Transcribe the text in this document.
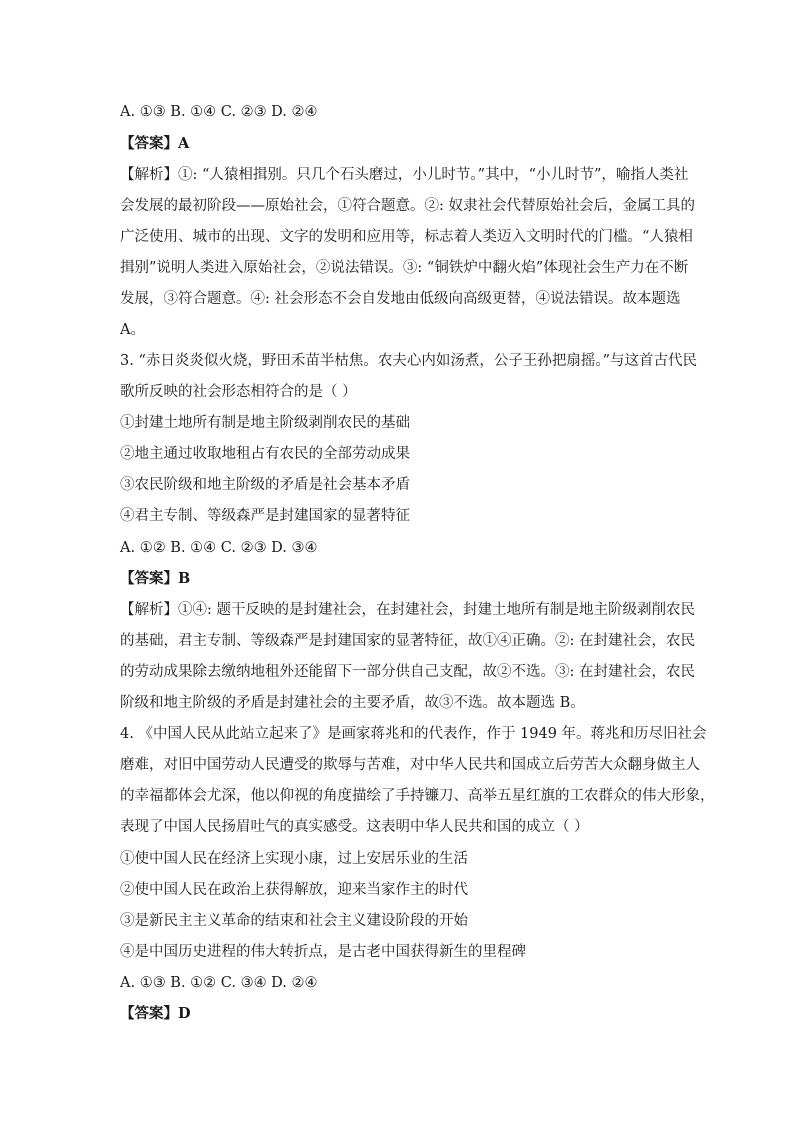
A. ①③ B. ①④ C. ②③ D. ②④
【答案】A
【解析】①: “人猿相揖别。只几个石头磨过，小儿时节。”其中，“小儿时节”，喻指人类社
会发展的最初阶段——原始社会，①符合题意。②: 奴隶社会代替原始社会后，金属工具的
广泛使用、城市的出现、文字的发明和应用等，标志着人类迈入文明时代的门槛。“人猿相
揖别”说明人类进入原始社会，②说法错误。③: “铜铁炉中翻火焰”体现社会生产力在不断
发展，③符合题意。④: 社会形态不会自发地由低级向高级更替，④说法错误。故本题选
A。
3. “赤日炎炎似火烧，野田禾苗半枯焦。农夫心内如汤煮，公子王孙把扇摇。”与这首古代民
歌所反映的社会形态相符合的是（ ）
①封建土地所有制是地主阶级剥削农民的基础
②地主通过收取地租占有农民的全部劳动成果
③农民阶级和地主阶级的矛盾是社会基本矛盾
④君主专制、等级森严是封建国家的显著特征
A. ①② B. ①④ C. ②③ D. ③④
【答案】B
【解析】①④: 题干反映的是封建社会，在封建社会，封建土地所有制是地主阶级剥削农民
的基础，君主专制、等级森严是封建国家的显著特征，故①④正确。②: 在封建社会，农民
的劳动成果除去缴纳地租外还能留下一部分供自己支配，故②不选。③: 在封建社会，农民
阶级和地主阶级的矛盾是封建社会的主要矛盾，故③不选。故本题选 B。
4. 《中国人民从此站立起来了》是画家蒋兆和的代表作，作于 1949 年。蒋兆和历尽旧社会
磨难，对旧中国劳动人民遭受的欺辱与苦难，对中华人民共和国成立后劳苦大众翻身做主人
的幸福都体会尤深，他以仰视的角度描绘了手持镰刀、高举五星红旗的工农群众的伟大形象，
表现了中国人民扬眉吐气的真实感受。这表明中华人民共和国的成立（ ）
①使中国人民在经济上实现小康，过上安居乐业的生活
②使中国人民在政治上获得解放，迎来当家作主的时代
③是新民主主义革命的结束和社会主义建设阶段的开始
④是中国历史进程的伟大转折点，是古老中国获得新生的里程碑
A. ①③ B. ①② C. ③④ D. ②④
【答案】D
